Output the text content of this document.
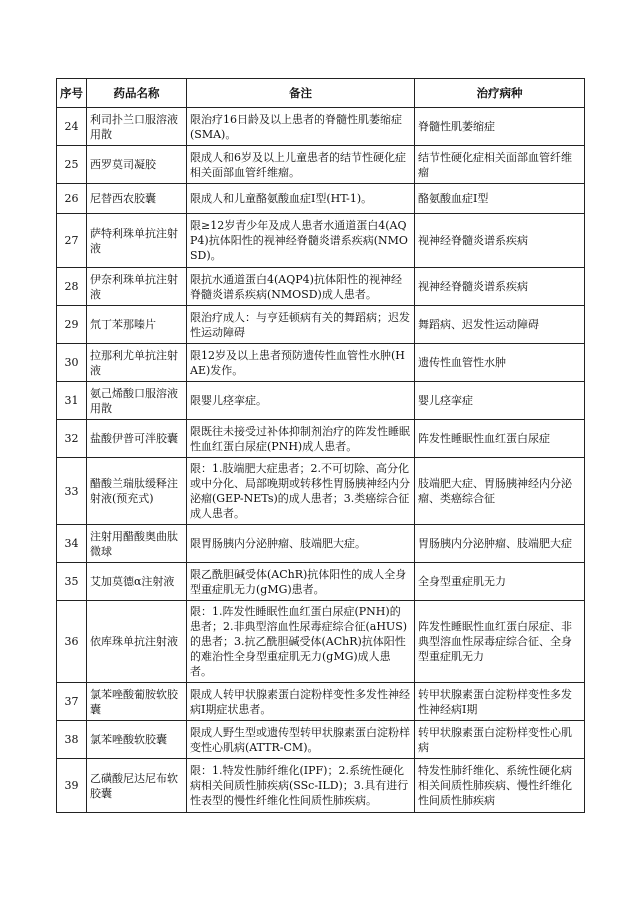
序号	药品名称	备注	治疗病种
24	利司扑兰口服溶液用散	限治疗16日龄及以上患者的脊髓性肌萎缩症(SMA)。	脊髓性肌萎缩症
25	西罗莫司凝胶	限成人和6岁及以上儿童患者的结节性硬化症相关面部血管纤维瘤。	结节性硬化症相关面部血管纤维瘤
26	尼替西农胶囊	限成人和儿童酪氨酸血症Ⅰ型(HT-1)。	酪氨酸血症Ⅰ型
27	萨特利珠单抗注射液	限≥12岁青少年及成人患者水通道蛋白4(AQP4)抗体阳性的视神经脊髓炎谱系疾病(NMOSD)。	视神经脊髓炎谱系疾病
28	伊奈利珠单抗注射液	限抗水通道蛋白4(AQP4)抗体阳性的视神经脊髓炎谱系疾病(NMOSD)成人患者。	视神经脊髓炎谱系疾病
29	氘丁苯那嗪片	限治疗成人：与亨廷顿病有关的舞蹈病；迟发性运动障碍	舞蹈病、迟发性运动障碍
30	拉那利尤单抗注射液	限12岁及以上患者预防遗传性血管性水肿(HAE)发作。	遗传性血管性水肿
31	氨己烯酸口服溶液用散	限婴儿痉挛症。	婴儿痉挛症
32	盐酸伊普可泮胶囊	限既往未接受过补体抑制剂治疗的阵发性睡眠性血红蛋白尿症(PNH)成人患者。	阵发性睡眠性血红蛋白尿症
33	醋酸兰瑞肽缓释注射液(预充式)	限：1.肢端肥大症患者；2.不可切除、高分化或中分化、局部晚期或转移性胃肠胰神经内分泌瘤(GEP-NETs)的成人患者；3.类癌综合征成人患者。	肢端肥大症、胃肠胰神经内分泌瘤、类癌综合征
34	注射用醋酸奥曲肽微球	限胃肠胰内分泌肿瘤、肢端肥大症。	胃肠胰内分泌肿瘤、肢端肥大症
35	艾加莫德α注射液	限乙酰胆碱受体(AChR)抗体阳性的成人全身型重症肌无力(gMG)患者。	全身型重症肌无力
36	依库珠单抗注射液	限：1.阵发性睡眠性血红蛋白尿症(PNH)的患者；2.非典型溶血性尿毒症综合征(aHUS)的患者；3.抗乙酰胆碱受体(AChR)抗体阳性的难治性全身型重症肌无力(gMG)成人患者。	阵发性睡眠性血红蛋白尿症、非典型溶血性尿毒症综合征、全身型重症肌无力
37	氯苯唑酸葡胺软胶囊	限成人转甲状腺素蛋白淀粉样变性多发性神经病Ⅰ期症状患者。	转甲状腺素蛋白淀粉样变性多发性神经病Ⅰ期
38	氯苯唑酸软胶囊	限成人野生型或遗传型转甲状腺素蛋白淀粉样变性心肌病(ATTR-CM)。	转甲状腺素蛋白淀粉样变性心肌病
39	乙磺酸尼达尼布软胶囊	限：1.特发性肺纤维化(IPF)；2.系统性硬化病相关间质性肺疾病(SSc-ILD)；3.具有进行性表型的慢性纤维化性间质性肺疾病。	特发性肺纤维化、系统性硬化病相关间质性肺疾病、慢性纤维化性间质性肺疾病
